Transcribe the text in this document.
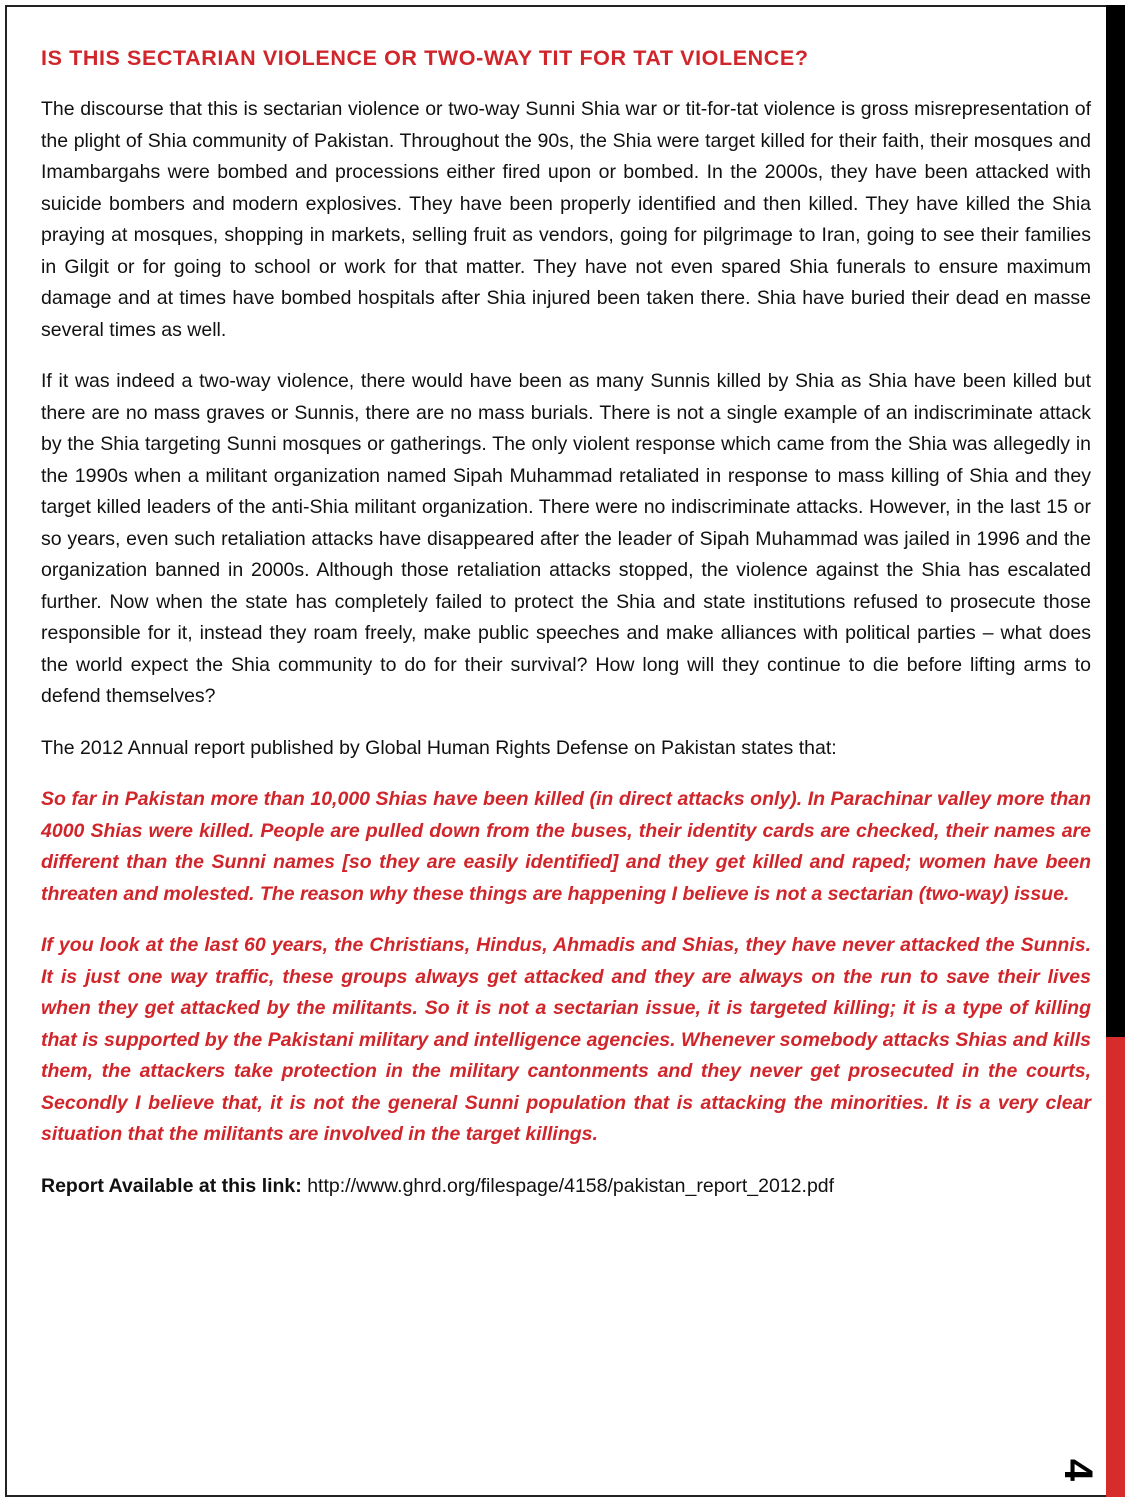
IS THIS SECTARIAN VIOLENCE OR TWO-WAY TIT FOR TAT VIOLENCE?

The discourse that this is sectarian violence or two-way Sunni Shia war or tit-for-tat violence is gross misrepresentation of the plight of Shia community of Pakistan. Throughout the 90s, the Shia were target killed for their faith, their mosques and Imambargahs were bombed and processions either fired upon or bombed. In the 2000s, they have been attacked with suicide bombers and modern explosives. They have been properly identified and then killed. They have killed the Shia praying at mosques, shopping in markets, selling fruit as vendors, going for pilgrimage to Iran, going to see their families in Gilgit or for going to school or work for that matter. They have not even spared Shia funerals to ensure maximum damage and at times have bombed hospitals after Shia injured been taken there. Shia have buried their dead en masse several times as well.

If it was indeed a two-way violence, there would have been as many Sunnis killed by Shia as Shia have been killed but there are no mass graves or Sunnis, there are no mass burials. There is not a single example of an indiscriminate attack by the Shia targeting Sunni mosques or gatherings. The only violent response which came from the Shia was allegedly in the 1990s when a militant organization named Sipah Muhammad retaliated in response to mass killing of Shia and they target killed leaders of the anti-Shia militant organization. There were no indiscriminate attacks. However, in the last 15 or so years, even such retaliation attacks have disappeared after the leader of Sipah Muhammad was jailed in 1996 and the organization banned in 2000s. Although those retaliation attacks stopped, the violence against the Shia has escalated further. Now when the state has completely failed to protect the Shia and state institutions refused to prosecute those responsible for it, instead they roam freely, make public speeches and make alliances with political parties – what does the world expect the Shia community to do for their survival? How long will they continue to die before lifting arms to defend themselves?

The 2012 Annual report published by Global Human Rights Defense on Pakistan states that:

So far in Pakistan more than 10,000 Shias have been killed (in direct attacks only). In Parachinar valley more than 4000 Shias were killed. People are pulled down from the buses, their identity cards are checked, their names are different than the Sunni names [so they are easily identified] and they get killed and raped; women have been threaten and molested. The reason why these things are happening I believe is not a sectarian (two-way) issue.

If you look at the last 60 years, the Christians, Hindus, Ahmadis and Shias, they have never attacked the Sunnis. It is just one way traffic, these groups always get attacked and they are always on the run to save their lives when they get attacked by the militants. So it is not a sectarian issue, it is targeted killing; it is a type of killing that is supported by the Pakistani military and intelligence agencies. Whenever somebody attacks Shias and kills them, the attackers take protection in the military cantonments and they never get prosecuted in the courts, Secondly I believe that, it is not the general Sunni population that is attacking the minorities. It is a very clear situation that the militants are involved in the target killings.

Report Available at this link: http://www.ghrd.org/filespage/4158/pakistan_report_2012.pdf

4
